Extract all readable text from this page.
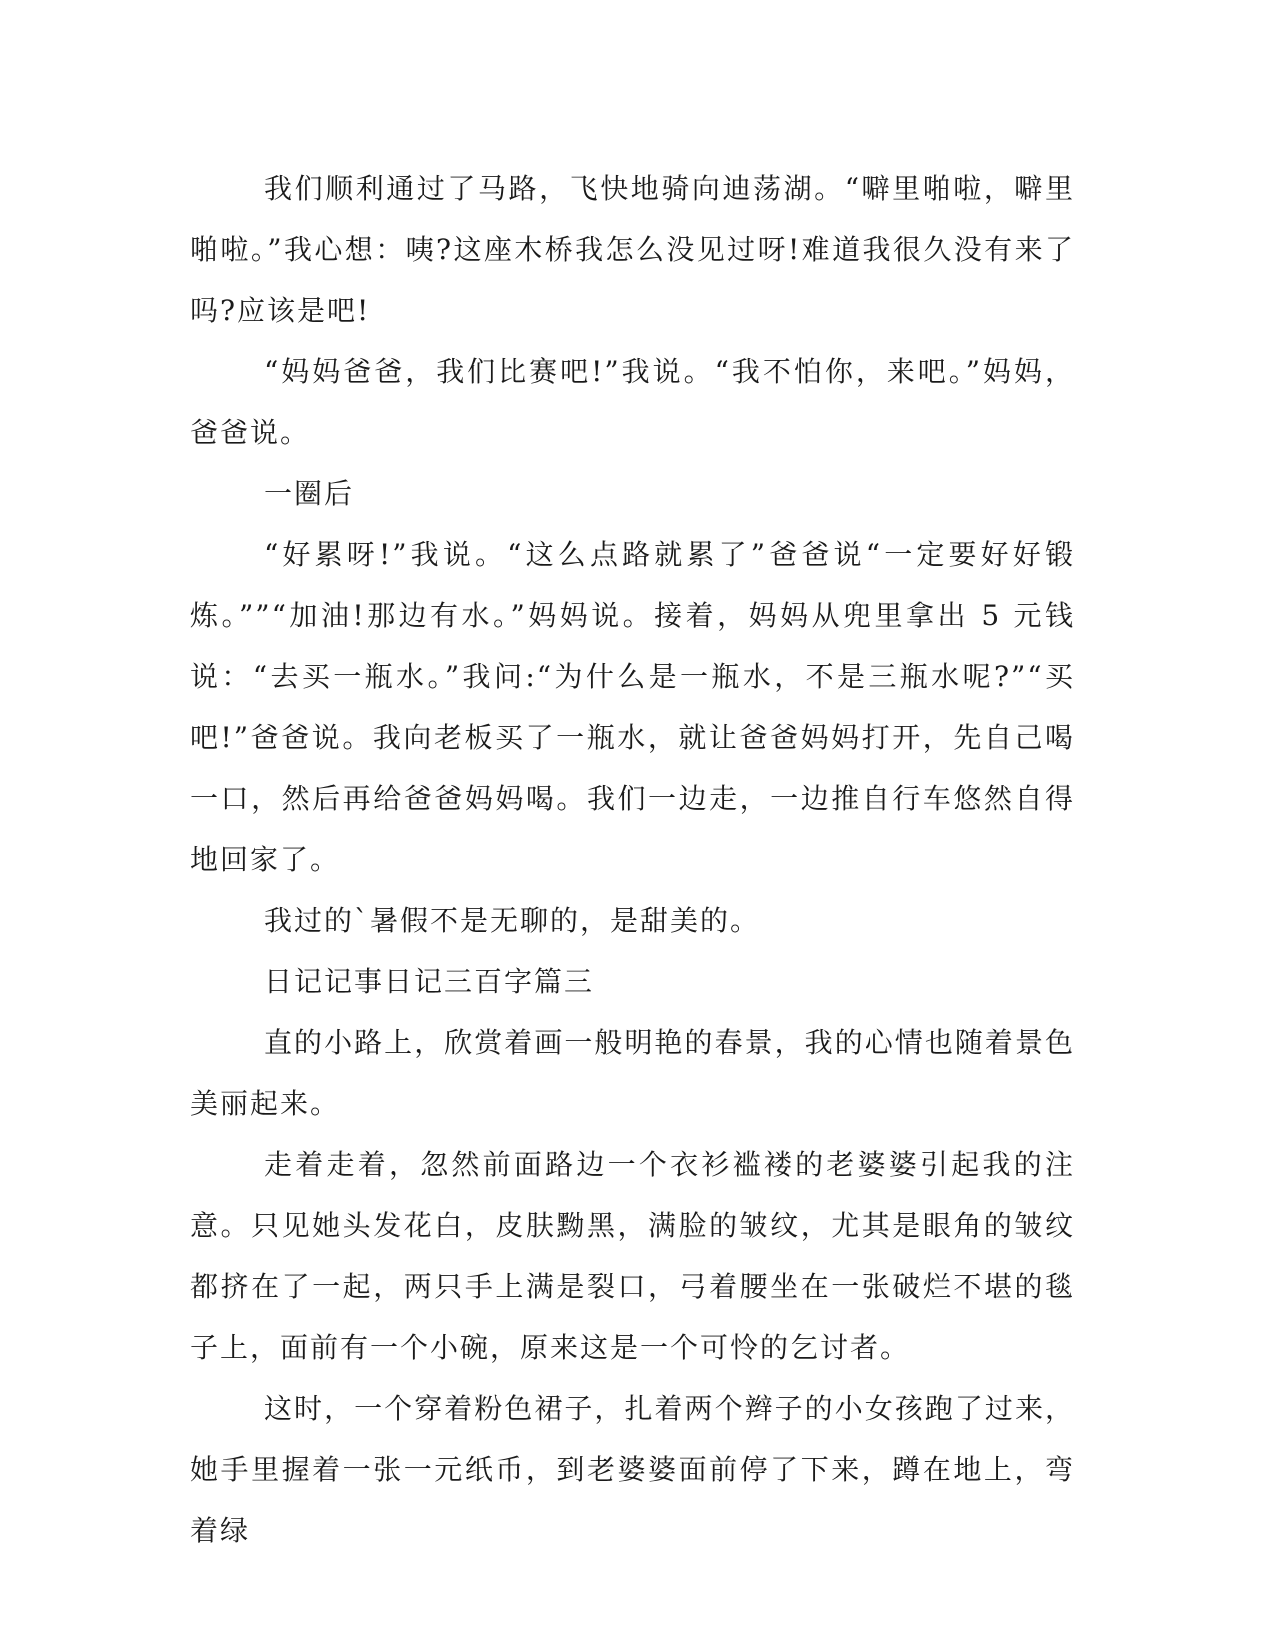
我们顺利通过了马路，飞快地骑向迪荡湖。“噼里啪啦，噼里啪啦。”我心想：咦?这座木桥我怎么没见过呀!难道我很久没有来了吗?应该是吧!

“妈妈爸爸，我们比赛吧!”我说。“我不怕你，来吧。”妈妈，爸爸说。

一圈后

“好累呀!”我说。“这么点路就累了”爸爸说“一定要好好锻炼。””“加油!那边有水。”妈妈说。接着，妈妈从兜里拿出 5 元钱说：“去买一瓶水。”我问:“为什么是一瓶水，不是三瓶水呢?”“买吧!”爸爸说。我向老板买了一瓶水，就让爸爸妈妈打开，先自己喝一口，然后再给爸爸妈妈喝。我们一边走，一边推自行车悠然自得地回家了。

我过的`暑假不是无聊的，是甜美的。

日记记事日记三百字篇三

直的小路上，欣赏着画一般明艳的春景，我的心情也随着景色美丽起来。

走着走着，忽然前面路边一个衣衫褴褛的老婆婆引起我的注意。只见她头发花白，皮肤黝黑，满脸的皱纹，尤其是眼角的皱纹都挤在了一起，两只手上满是裂口，弓着腰坐在一张破烂不堪的毯子上，面前有一个小碗，原来这是一个可怜的乞讨者。

这时，一个穿着粉色裙子，扎着两个辫子的小女孩跑了过来，她手里握着一张一元纸币，到老婆婆面前停了下来，蹲在地上，弯着绿
